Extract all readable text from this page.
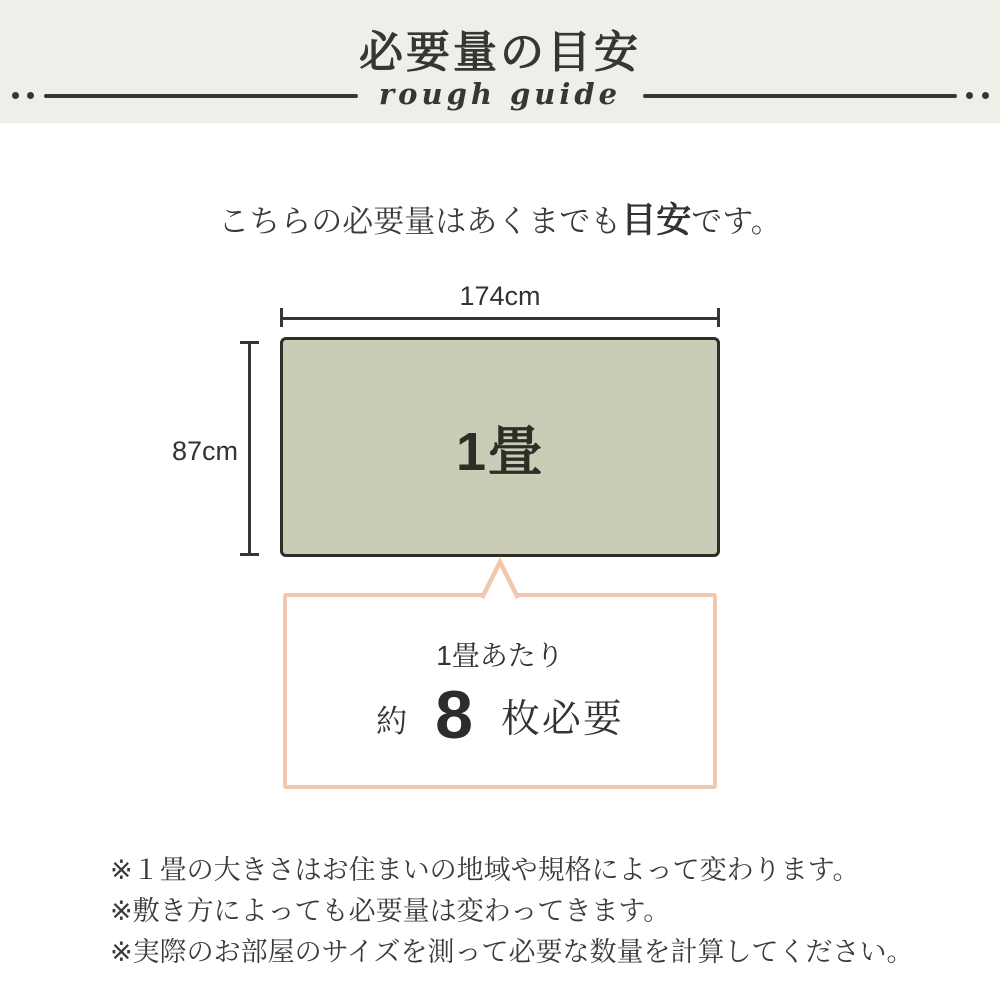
必要量の目安
rough guide
こちらの必要量はあくまでも目安です。
174cm
87cm	1畳
1畳あたり
約 8 枚必要
※１畳の大きさはお住まいの地域や規格によって変わります。
※敷き方によっても必要量は変わってきます。
※実際のお部屋のサイズを測って必要な数量を計算してください。
